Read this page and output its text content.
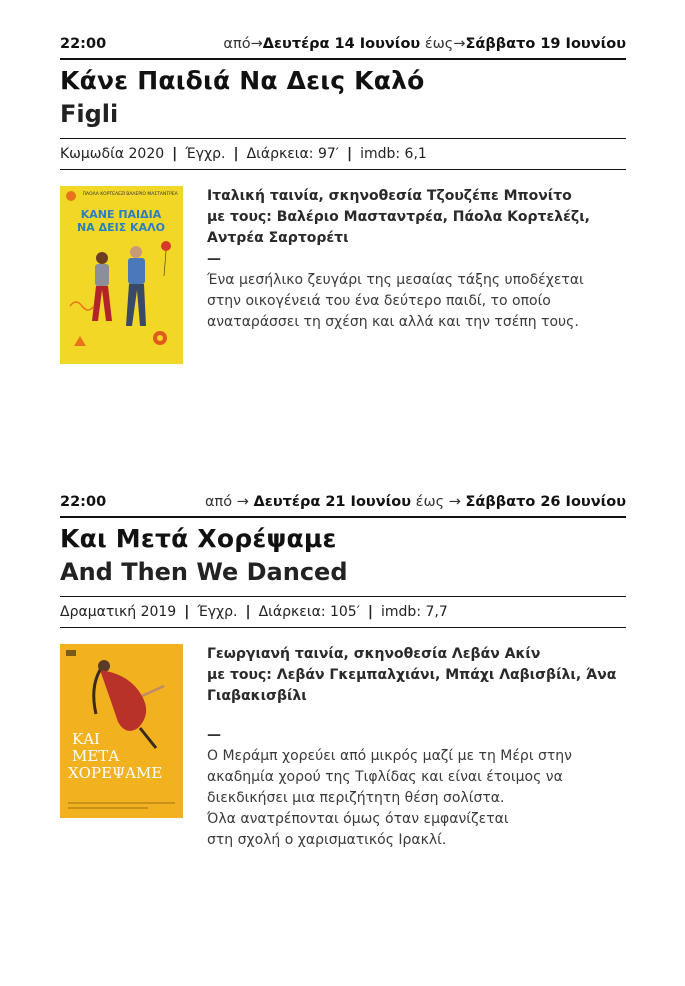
22:00	από→Δευτέρα 14 Ιουνίου έως→Σάββατο 19 Ιουνίου
Κάνε Παιδιά Να Δεις Καλό
Figli
Κωμωδία 2020 | Έγχρ. | Διάρκεια: 97′ | imdb: 6,1
ΠΑΟΛΑ ΚΟΡΤΕΛΕΖΙ ΒΑΛΕΡΙΟ ΜΑΣΤΑΝΤΡΕΑ
ΚΑΝΕ ΠΑΙΔΙΑ
ΝΑ ΔΕΙΣ ΚΑΛΟ
Ιταλική ταινία, σκηνοθεσία Τζουζέπε Μπονίτο
με τους: Βαλέριο Μασταντρέα, Πάολα Κορτελέζι,
Αντρέα Σαρτορέτι
—
Ένα μεσήλικο ζευγάρι της μεσαίας τάξης υποδέχεται
στην οικογένειά του ένα δεύτερο παιδί, το οποίο
αναταράσσει τη σχέση και αλλά και την τσέπη τους.
22:00	από → Δευτέρα 21 Ιουνίου έως → Σάββατο 26 Ιουνίου
Και Μετά Χορέψαμε
And Then We Danced
Δραματική 2019 | Έγχρ. | Διάρκεια: 105′ | imdb: 7,7
ΚΑΙ
ΜΕΤΑ
ΧΟΡΕΨΑΜΕ
Γεωργιανή ταινία, σκηνοθεσία Λεβάν Ακίν
με τους: Λεβάν Γκεμπαλχιάνι, Μπάχι Λαβισβίλι, Άνα
Γιαβακισβίλι
—
Ο Μεράμπ χορεύει από μικρός μαζί με τη Μέρι στην
ακαδημία χορού της Τιφλίδας και είναι έτοιμος να
διεκδικήσει μια περιζήτητη θέση σολίστα.
Όλα ανατρέπονται όμως όταν εμφανίζεται
στη σχολή ο χαρισματικός Ιρακλί.
